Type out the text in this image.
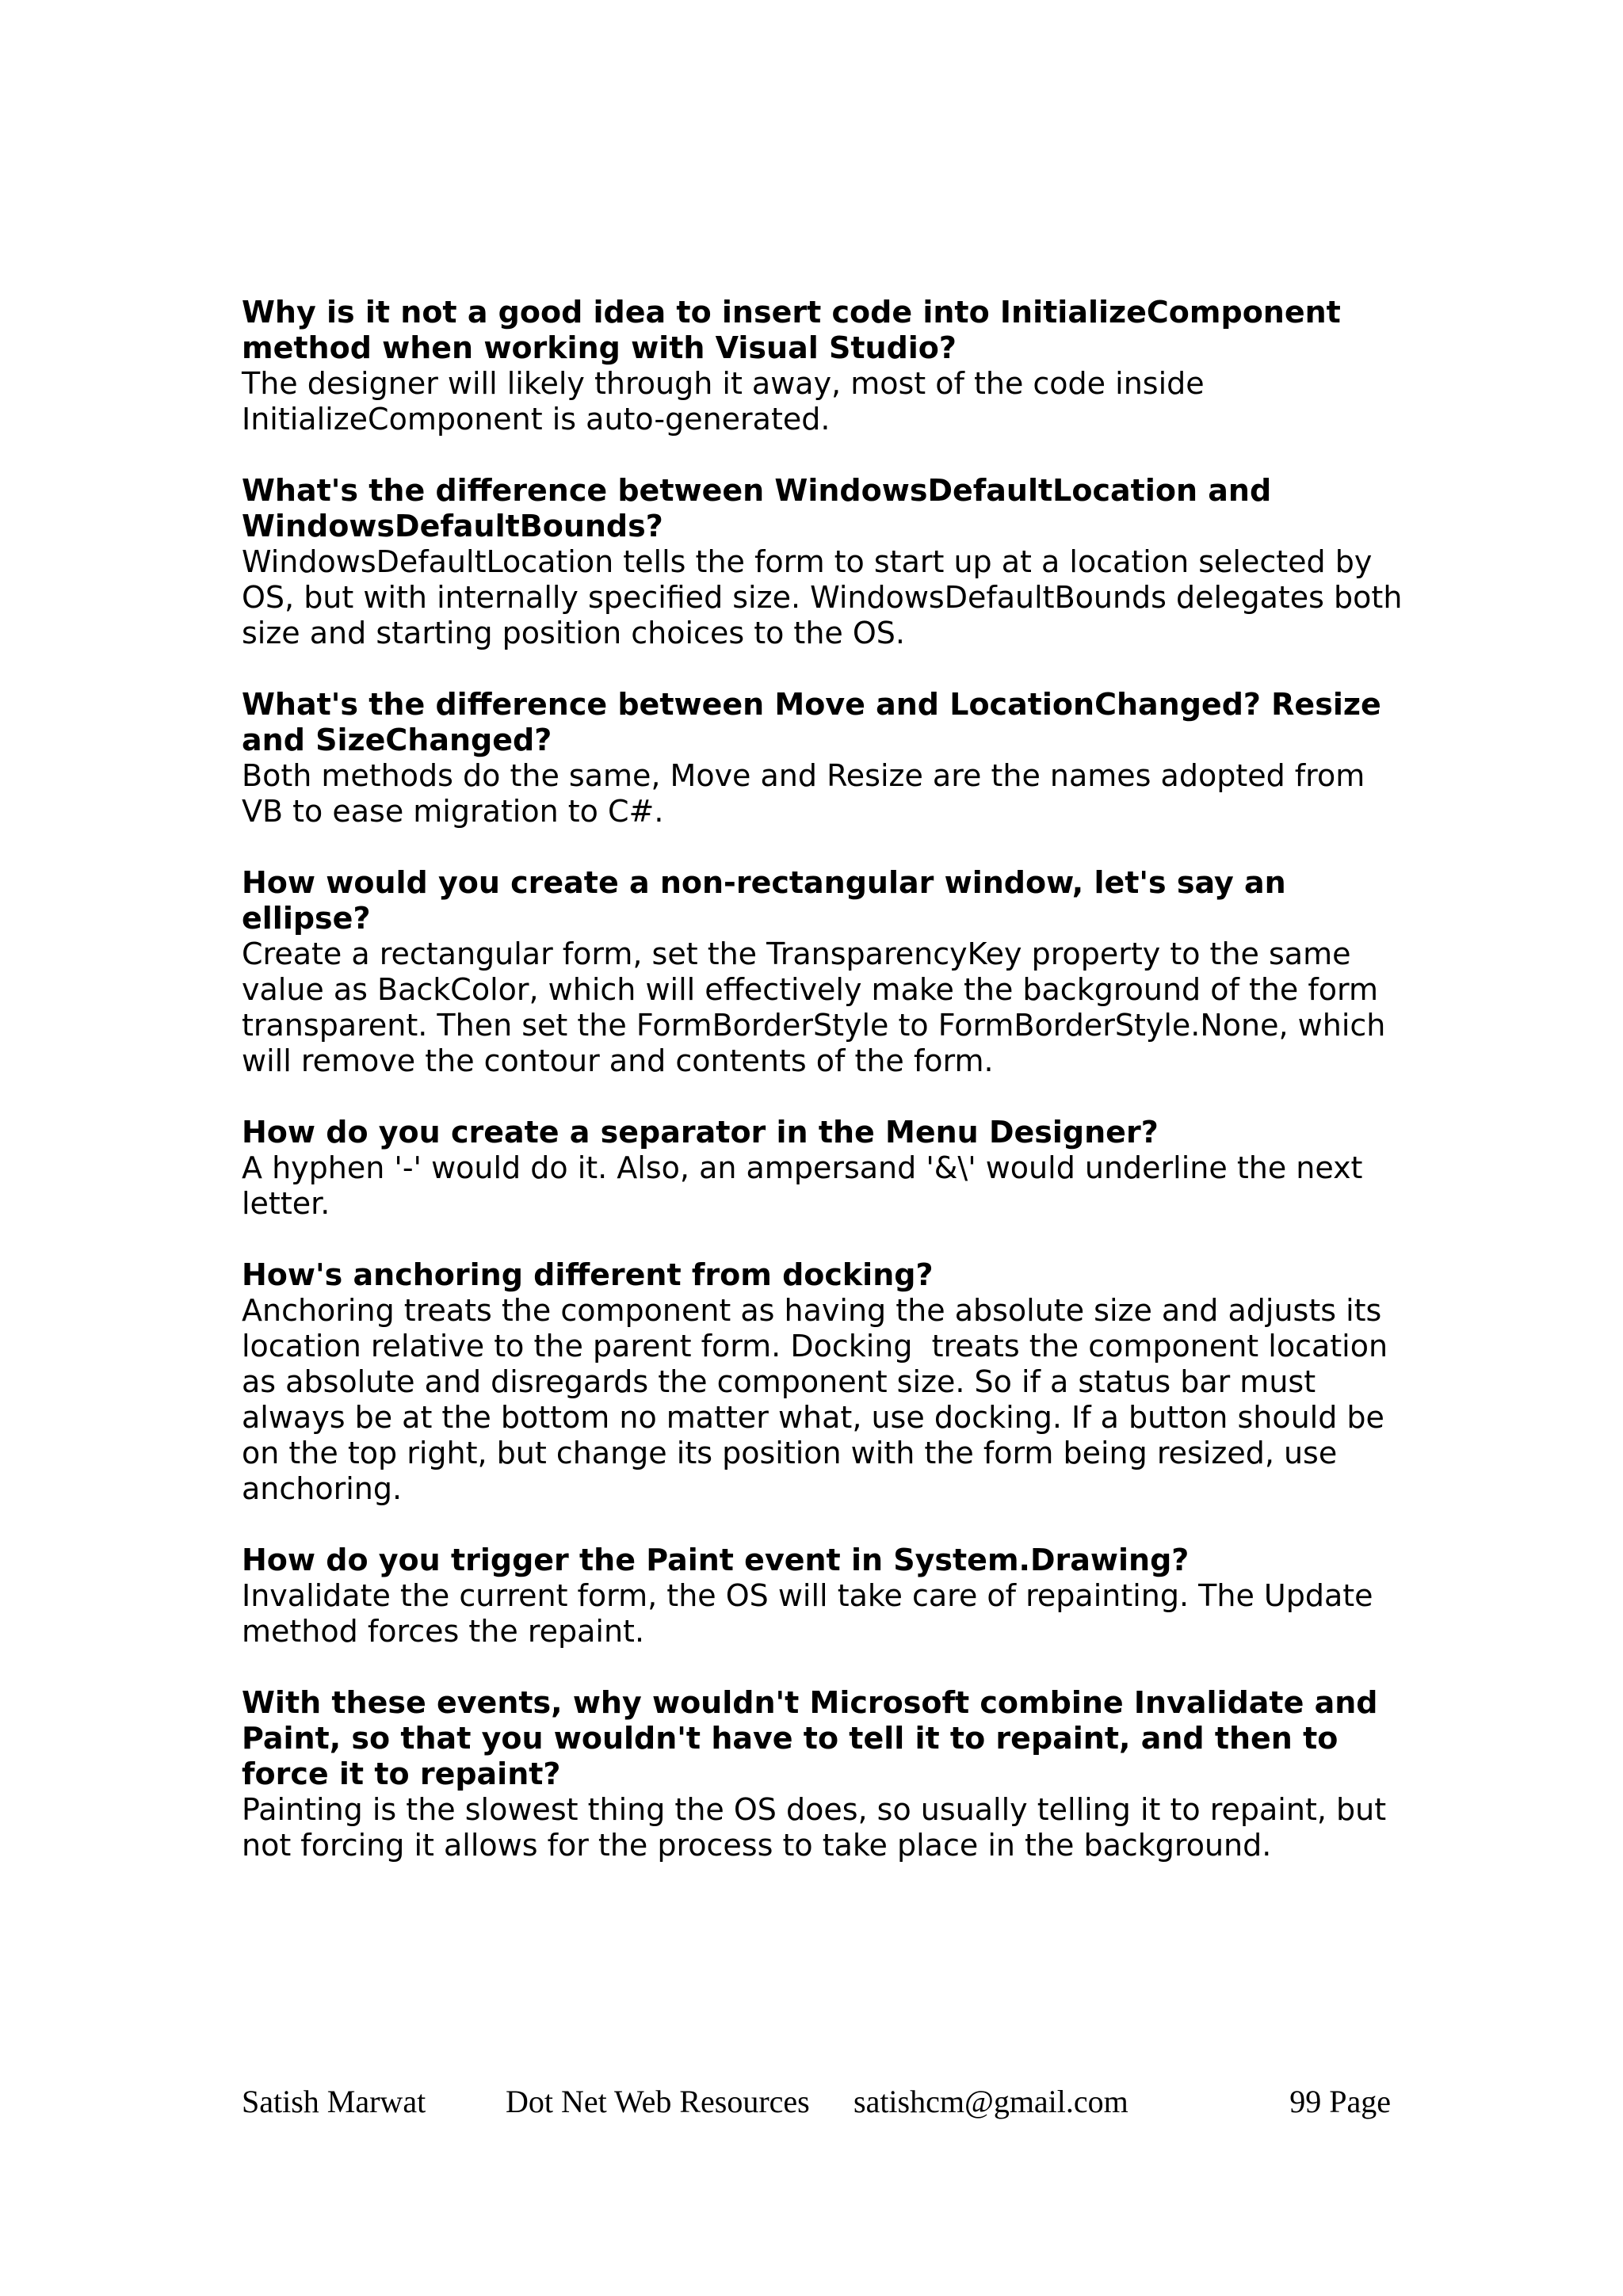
Why is it not a good idea to insert code into InitializeComponent method when working with Visual Studio?

The designer will likely through it away, most of the code inside InitializeComponent is auto-generated.

What's the difference between WindowsDefaultLocation and WindowsDefaultBounds?

WindowsDefaultLocation tells the form to start up at a location selected by OS, but with internally specified size. WindowsDefaultBounds delegates both size and starting position choices to the OS.

What's the difference between Move and LocationChanged? Resize and SizeChanged?

Both methods do the same, Move and Resize are the names adopted from VB to ease migration to C#.

How would you create a non-rectangular window, let's say an ellipse?

Create a rectangular form, set the TransparencyKey property to the same value as BackColor, which will effectively make the background of the form transparent. Then set the FormBorderStyle to FormBorderStyle.None, which will remove the contour and contents of the form.

How do you create a separator in the Menu Designer?

A hyphen '-' would do it. Also, an ampersand '&\' would underline the next letter.

How's anchoring different from docking?

Anchoring treats the component as having the absolute size and adjusts its location relative to the parent form. Docking  treats the component location as absolute and disregards the component size. So if a status bar must always be at the bottom no matter what, use docking. If a button should be on the top right, but change its position with the form being resized, use anchoring.

How do you trigger the Paint event in System.Drawing?

Invalidate the current form, the OS will take care of repainting. The Update method forces the repaint.

With these events, why wouldn't Microsoft combine Invalidate and Paint, so that you wouldn't have to tell it to repaint, and then to force it to repaint?

Painting is the slowest thing the OS does, so usually telling it to repaint, but not forcing it allows for the process to take place in the background.

Satish Marwat	Dot Net Web Resources satishcm@gmail.com	99 Page
